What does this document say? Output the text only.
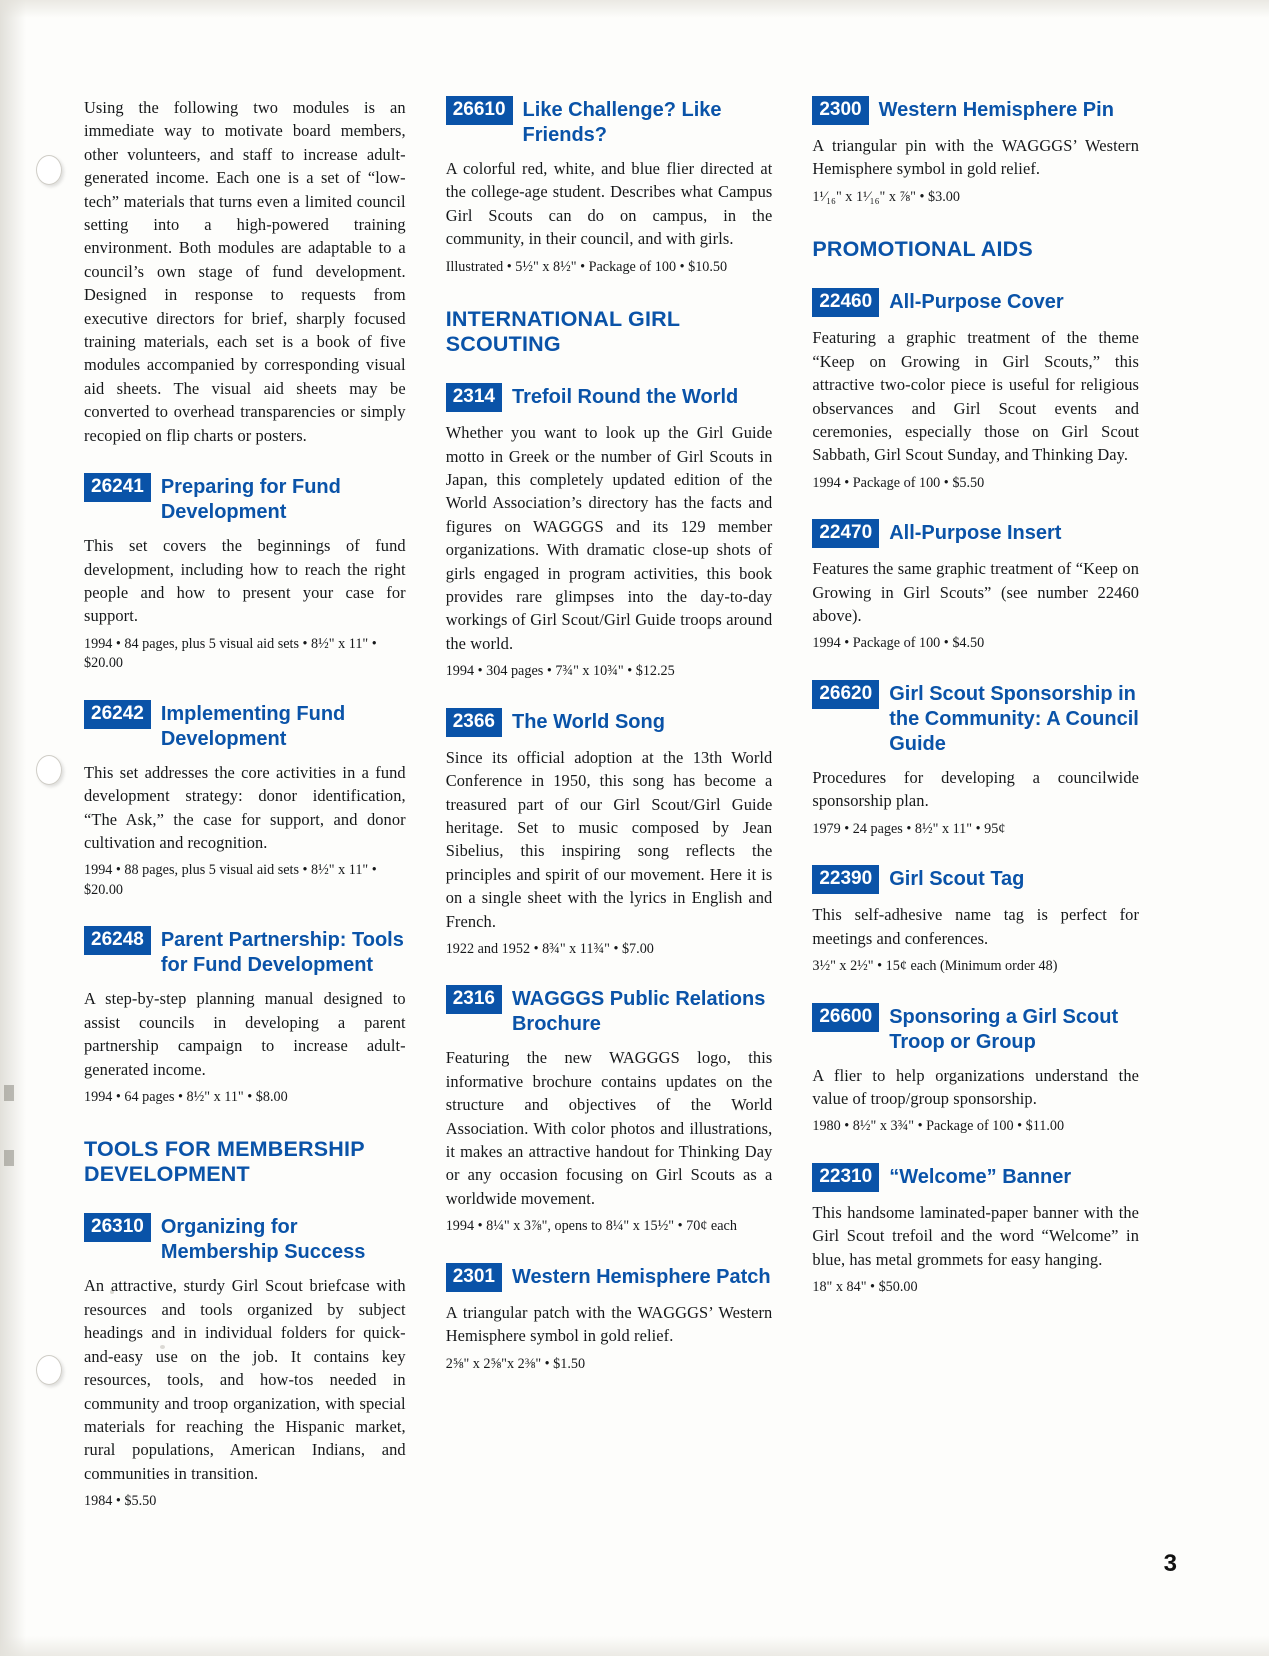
Using the following two modules is an immediate way to motivate board members, other volunteers, and staff to increase adult-generated income. Each one is a set of “low-tech” materials that turns even a limited council setting into a high-powered training environment. Both modules are adaptable to a council’s own stage of fund development. Designed in response to requests from executive directors for brief, sharply focused training materials, each set is a book of five modules accompanied by corresponding visual aid sheets. The visual aid sheets may be converted to overhead transparencies or simply recopied on flip charts or posters.

26241 Preparing for Fund Development

This set covers the beginnings of fund development, including how to reach the right people and how to present your case for support.

1994 • 84 pages, plus 5 visual aid sets • 8½" x 11" • $20.00

26242 Implementing Fund Development

This set addresses the core activities in a fund development strategy: donor identification, “The Ask,” the case for support, and donor cultivation and recognition.

1994 • 88 pages, plus 5 visual aid sets • 8½" x 11" • $20.00

26248 Parent Partnership: Tools for Fund Development

A step-by-step planning manual designed to assist councils in developing a parent partnership campaign to increase adult-generated income.

1994 • 64 pages • 8½" x 11" • $8.00

TOOLS FOR MEMBERSHIP DEVELOPMENT
26310 Organizing for Membership Success

An attractive, sturdy Girl Scout briefcase with resources and tools organized by subject headings and in individual folders for quick-and-easy use on the job. It contains key resources, tools, and how-tos needed in community and troop organization, with special materials for reaching the Hispanic market, rural populations, American Indians, and communities in transition.

1984 • $5.50

26610 Like Challenge? Like Friends?

A colorful red, white, and blue flier directed at the college-age student. Describes what Campus Girl Scouts can do on campus, in the community, in their council, and with girls.

Illustrated • 5½" x 8½" • Package of 100 • $10.50

INTERNATIONAL GIRL SCOUTING
2314 Trefoil Round the World

Whether you want to look up the Girl Guide motto in Greek or the number of Girl Scouts in Japan, this completely updated edition of the World Association’s directory has the facts and figures on WAGGGS and its 129 member organizations. With dramatic close-up shots of girls engaged in program activities, this book provides rare glimpses into the day-to-day workings of Girl Scout/Girl Guide troops around the world.

1994 • 304 pages • 7¾" x 10¾" • $12.25

2366 The World Song

Since its official adoption at the 13th World Conference in 1950, this song has become a treasured part of our Girl Scout/Girl Guide heritage. Set to music composed by Jean Sibelius, this inspiring song reflects the principles and spirit of our movement. Here it is on a single sheet with the lyrics in English and French.

1922 and 1952 • 8¾" x 11¾" • $7.00

2316 WAGGGS Public Relations Brochure

Featuring the new WAGGGS logo, this informative brochure contains updates on the structure and objectives of the World Association. With color photos and illustrations, it makes an attractive handout for Thinking Day or any occasion focusing on Girl Scouts as a worldwide movement.

1994 • 8¼" x 3⅞", opens to 8¼" x 15½" • 70¢ each

2301 Western Hemisphere Patch

A triangular patch with the WAGGGS’ Western Hemisphere symbol in gold relief.

2⅝" x 2⅝"x 2⅜" • $1.50

2300 Western Hemisphere Pin

A triangular pin with the WAGGGS’ Western Hemisphere symbol in gold relief.

1¹⁄₁₆" x 1¹⁄₁₆" x ⅞" • $3.00

PROMOTIONAL AIDS
22460 All-Purpose Cover

Featuring a graphic treatment of the theme “Keep on Growing in Girl Scouts,” this attractive two-color piece is useful for religious observances and Girl Scout events and ceremonies, especially those on Girl Scout Sabbath, Girl Scout Sunday, and Thinking Day.

1994 • Package of 100 • $5.50

22470 All-Purpose Insert

Features the same graphic treatment of “Keep on Growing in Girl Scouts” (see number 22460 above).

1994 • Package of 100 • $4.50

26620 Girl Scout Sponsorship in the Community: A Council Guide

Procedures for developing a councilwide sponsorship plan.

1979 • 24 pages • 8½" x 11" • 95¢

22390 Girl Scout Tag

This self-adhesive name tag is perfect for meetings and conferences.

3½" x 2½" • 15¢ each (Minimum order 48)

26600 Sponsoring a Girl Scout Troop or Group

A flier to help organizations understand the value of troop/group sponsorship.

1980 • 8½" x 3¾" • Package of 100 • $11.00

22310 “Welcome” Banner

This handsome laminated-paper banner with the Girl Scout trefoil and the word “Welcome” in blue, has metal grommets for easy hanging.

18" x 84" • $50.00

3
